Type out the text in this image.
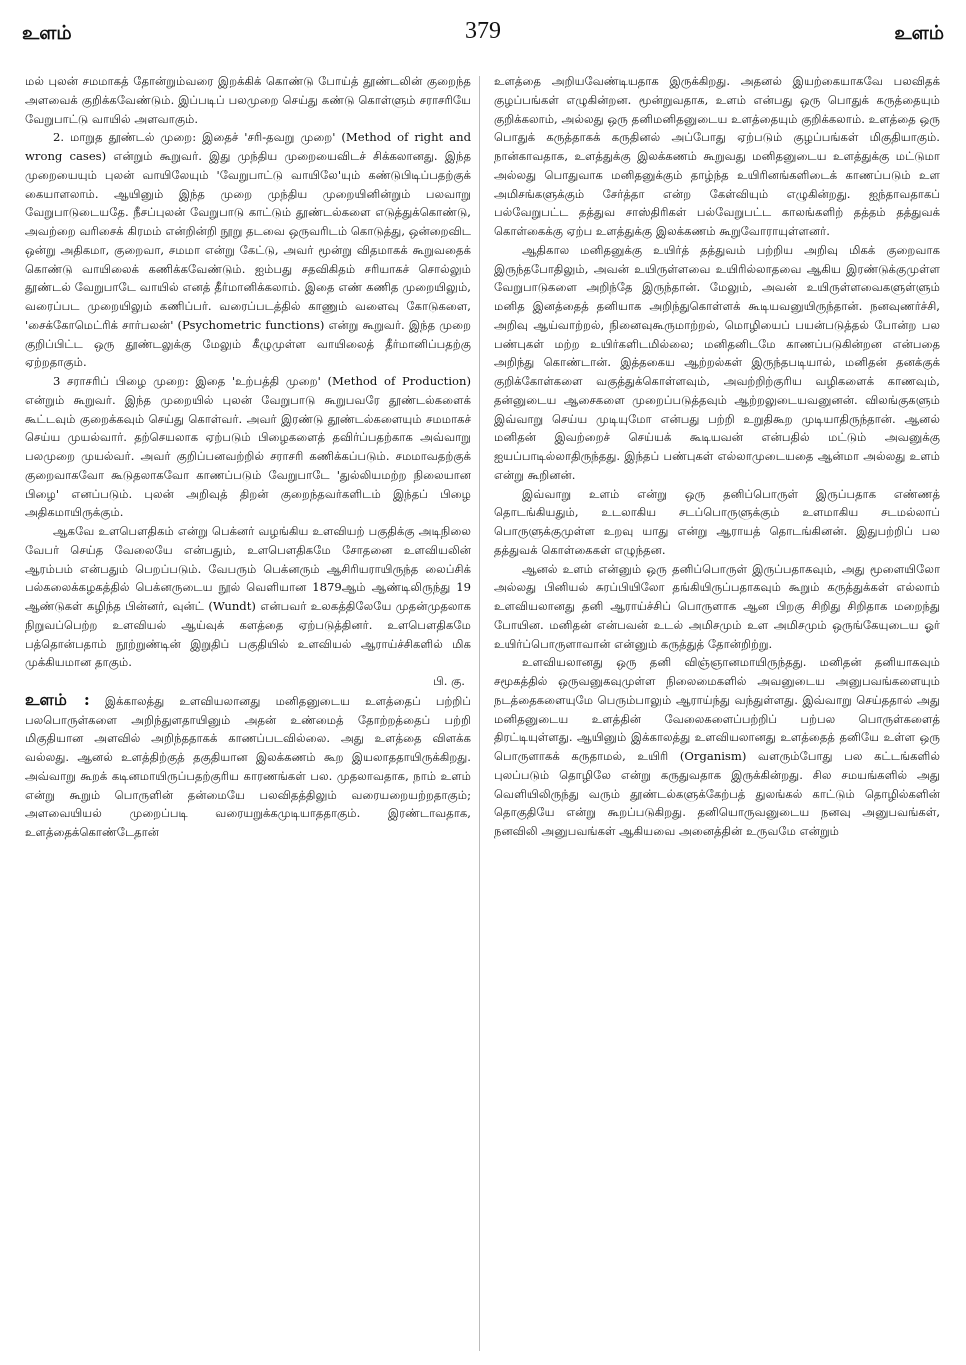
உளம்	379	உளம்

மல் புலன் சமமாகத் தோன்றும்வரை இறக்கிக் கொண்டு போய்த் தூண்டலின் குறைந்த அளவைக் குறிக்கவேண்டும். இப்படிப் பலமுறை செய்து கண்டு கொள்ளும் சராசரியே வேறுபாட்டு வாயில் அளவாகும்.

2. மாறுத தூண்டல் முறை: இதைச் 'சரி-தவறு முறை' (Method of right and wrong cases) என்றும் கூறுவர். இது முந்திய முறையைவிடச் சிக்கலானது. இந்த முறையையும் புலன் வாயிலேயும் 'வேறுபாட்டு வாயிலே'யும் கண்டுபிடிப்பதற்குக் கையாளலாம். ஆயினும் இந்த முறை முந்திய முறையினின்றும் பலவாறு வேறுபாடுடையதே. நீசப்புலன் வேறுபாடு காட்டும் தூண்டல்களை எடுத்துக்கொண்டு, அவற்றை வரிசைக் கிரமம் என்றின்றி நூறு தடவை ஒருவரிடம் கொடுத்து, ஒன்றைவிட ஒன்று அதிகமா, குறைவா, சமமா என்று கேட்டு, அவர் மூன்று விதமாகக் கூறுவதைக் கொண்டு வாயிலைக் கணிக்கவேண்டும். ஐம்பது சதவிகிதம் சரியாகச் சொல்லும் தூண்டல் வேறுபாடே வாயில் எனத் தீர்மானிக்கலாம். இதை எண் கணித முறையிலும், வரைப்பட முறையிலும் கணிப்பர். வரைப்படத்தில் காணும் வளைவு கோடுகளை, 'சைக்கோமெட்ரிக் சார்பலன்' (Psychometric functions) என்று கூறுவர். இந்த முறை குறிப்பிட்ட ஒரு தூண்டலுக்கு மேலும் கீழுமுள்ள வாயிலைத் தீர்மானிப்பதற்கு ஏற்றதாகும்.

3 சராசரிப் பிழை முறை: இதை 'உற்பத்தி முறை' (Method of Production) என்றும் கூறுவர். இந்த முறையில் புலன் வேறுபாடு கூறுபவரே தூண்டல்களைக் கூட்டவும் குறைக்கவும் செய்து கொள்வர். அவர் இரண்டு தூண்டல்களையும் சமமாகச் செய்ய முயல்வார். தற்செயலாக ஏற்படும் பிழைகளைத் தவிர்ப்பதற்காக அவ்வாறு பலமுறை முயல்வர். அவர் குறிப்பனவற்றில் சராசரி கணிக்கப்படும். சமமாவதற்குக் குறைவாகவோ கூடுதலாகவோ காணப்படும் வேறுபாடே 'துல்லியமற்ற நிலையான பிழை' எனப்படும். புலன் அறிவுத் திறன் குறைந்தவர்களிடம் இந்தப் பிழை அதிகமாயிருக்கும்.

ஆகவே உளபௌதிகம் என்று பெக்னர் வழங்கிய உளவியற் பகுதிக்கு அடிநிலை வேபர் செய்த வேலையே என்பதும், உளபௌதிகமே சோதனை உளவியலின் ஆரம்பம் என்பதும் பெறப்படும். வேபரும் பெக்னரும் ஆசிரியராயிருந்த லைப்சிக் பல்கலைக்கழகத்தில் பெக்னருடைய நூல் வெளியான 1879ஆம் ஆண்டிலிருந்து 19 ஆண்டுகள் கழிந்த பின்னர், வுன்ட் (Wundt) என்பவர் உலகத்திலேயே முதன்முதலாக நிறுவப்பெற்ற உளவியல் ஆய்வுக் களத்தை ஏற்படுத்தினர். உளபௌதிகமே பத்தொன்பதாம் நூற்றுண்டின் இறுதிப் பகுதியில் உளவியல் ஆராய்ச்சிகளில் மிக முக்கியமான தாகும்.

பி. கு.

உளம் : இக்காலத்து உளவியலானது மனிதனுடைய உளத்தைப் பற்றிப் பலபொருள்களை அறிந்துளதாயினும் அதன் உண்மைத் தோற்றத்தைப் பற்றி மிகுதியான அளவில் அறிந்ததாகக் காணப்படவில்லை. அது உளத்தை விளக்க வல்லது. ஆனல் உளத்திற்குத் தகுதியான இலக்கணம் கூற இயலாததாயிருக்கிறது. அவ்வாறு கூறக் கடினமாயிருப்பதற்குரிய காரணங்கள் பல. முதலாவதாக, நாம் உளம் என்று கூறும் பொருளின் தன்மையே பலவிதத்திலும் வரையறையற்றதாகும்; அளவையியல் முறைப்படி வரையறுக்கமுடியாததாகும். இரண்டாவதாக, உளத்தைக்கொண்டேதான்

உளத்தை அறியவேண்டியதாக இருக்கிறது. அதனல் இயற்கையாகவே பலவிதக் குழப்பங்கள் எழுகின்றன. மூன்றுவதாக, உளம் என்பது ஒரு பொதுக் கருத்தையும் குறிக்கலாம், அல்லது ஒரு தனிமனிதனுடைய உளத்தையும் குறிக்கலாம். உளத்தை ஒரு பொதுக் கருத்தாகக் கருதினல் அப்போது ஏற்படும் குழப்பங்கள் மிகுதியாகும். நான்காவதாக, உளத்துக்கு இலக்கணம் கூறுவது மனிதனுடைய உளத்துக்கு மட்டுமா அல்லது பொதுவாக மனிதனுக்கும் தாழ்ந்த உயிரினங்களிடைக் காணப்படும் உள அமிசங்களுக்கும் சேர்த்தா என்ற கேள்வியும் எழுகின்றது. ஐந்தாவதாகப் பல்வேறுபட்ட தத்துவ சாஸ்திரிகள் பல்வேறுபட்ட காலங்களிற் தத்தம் தத்துவக் கொள்கைக்கு ஏற்ப உளத்துக்கு இலக்கணம் கூறுவோராயுள்ளனர்.

ஆதிகால மனிதனுக்கு உயிர்த் தத்துவம் பற்றிய அறிவு மிகக் குறைவாக இருந்தபோதிலும், அவன் உயிருள்ளவை உயிரில்லாதவை ஆகிய இரண்டுக்குமுள்ள வேறுபாடுகளை அறிந்தே இருந்தான். மேலும், அவன் உயிருள்ளவைகளுள்ளும் மனித இனத்தைத் தனியாக அறிந்துகொள்ளக் கூடியவனுயிருந்தான். நனவுணர்ச்சி, அறிவு ஆய்வாற்றல், நினைவுகூருமாற்றல், மொழியைப் பயன்படுத்தல் போன்ற பல பண்புகள் மற்ற உயிர்களிடமில்லை; மனிதனிடமே காணப்படுகின்றன என்பதை அறிந்து கொண்டான். இத்தகைய ஆற்றல்கள் இருந்தபடியால், மனிதன் தனக்குக் குறிக்கோள்களை வகுத்துக்கொள்ளவும், அவற்றிற்குரிய வழிகளைக் காணவும், தன்னுடைய ஆசைகளை முறைப்படுத்தவும் ஆற்றலுடையவனுனன். விலங்குகளும் இவ்வாறு செய்ய முடியுமோ என்பது பற்றி உறுதிகூற முடியாதிருந்தான். ஆனல் மனிதன் இவற்றைச் செய்யக் கூடியவன் என்பதில் மட்டும் அவனுக்கு ஐயப்பாடில்லாதிருந்தது. இந்தப் பண்புகள் எல்லாமுடையதை ஆன்மா அல்லது உளம் என்று கூறினன்.

இவ்வாறு உளம் என்று ஒரு தனிப்பொருள் இருப்பதாக எண்ணத் தொடங்கியதும், உடலாகிய சடப்பொருளுக்கும் உளமாகிய சடமல்லாப் பொருளுக்குமுள்ள உறவு யாது என்று ஆராயத் தொடங்கினன். இதுபற்றிப் பல தத்துவக் கொள்கைகள் எழுந்தன.

ஆனல் உளம் என்னும் ஒரு தனிப்பொருள் இருப்பதாகவும், அது மூளையிலோ அல்லது பினியல் சுரப்பியிலோ தங்கியிருப்பதாகவும் கூறும் கருத்துக்கள் எல்லாம் உளவியலானது தனி ஆராய்ச்சிப் பொருளாக ஆன பிறகு சிறிது சிறிதாக மறைந்து போயின. மனிதன் என்பவன் உடல் அமிசமும் உள அமிசமும் ஒருங்கேயுடைய ஓர் உயிர்ப்பொருளாவான் என்னும் கருத்துத் தோன்றிற்று.

உளவியலானது ஒரு தனி விஞ்ஞானமாயிருந்தது. மனிதன் தனியாகவும் சமூகத்தில் ஒருவனுகவுமுள்ள நிலைமைகளில் அவனுடைய அனுபவங்களையும் நடத்தைகளையுமே பெரும்பாலும் ஆராய்ந்து வந்துள்ளது. இவ்வாறு செய்ததால் அது மனிதனுடைய உளத்தின் வேலைகளைப்பற்றிப் பற்பல பொருள்களைத் திரட்டியுள்ளது. ஆயினும் இக்காலத்து உளவியலானது உளத்தைத் தனியே உள்ள ஒரு பொருளாகக் கருதாமல், உயிரி (Organism) வளரும்போது பல கட்டங்களில் புலப்படும் தொழிலே என்று கருதுவதாக இருக்கின்றது. சில சமயங்களில் அது வெளியிலிருந்து வரும் தூண்டல்களுக்கேற்பத் துலங்கல் காட்டும் தொழில்களின் தொகுதியே என்று கூறப்படுகிறது. தனியொருவனுடைய நனவு அனுபவங்கள், நனவிலி அனுபவங்கள் ஆகியவை அனைத்தின் உருவமே என்றும்
